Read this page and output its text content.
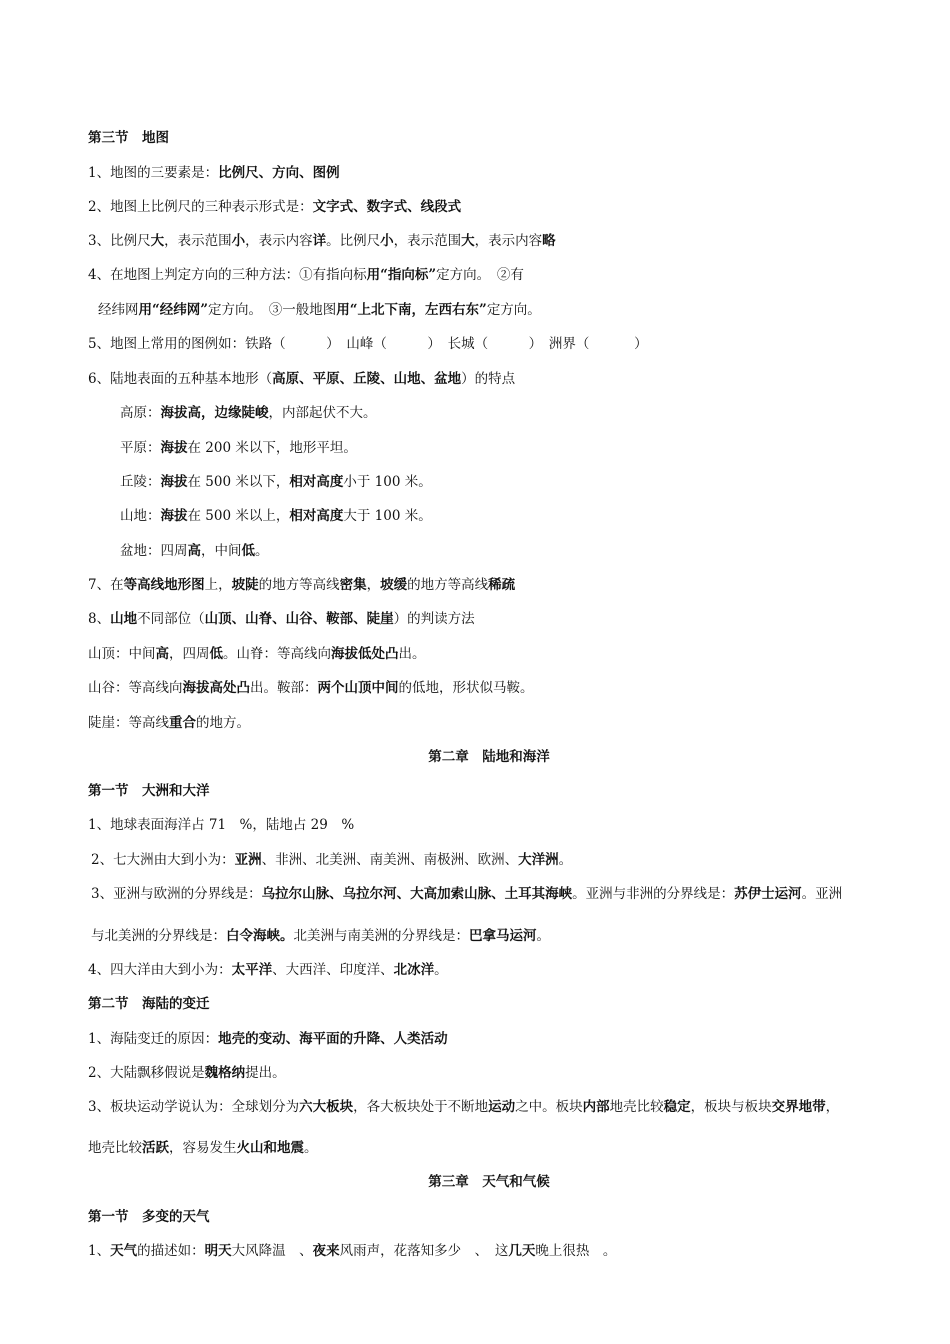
第三节　地图
1、地图的三要素是：比例尺、方向、图例
2、地图上比例尺的三种表示形式是：文字式、数字式、线段式
3、比例尺大，表示范围小，表示内容详。比例尺小，表示范围大，表示内容略
4、在地图上判定方向的三种方法：①有指向标用“指向标”定方向。　②有
经纬网用“经纬网”定方向。　③一般地图用“上北下南，左西右东”定方向。
5、地图上常用的图例如：铁路（　　　）　山峰（　　　）　长城（　　　）　洲界（　　　 ）
6、陆地表面的五种基本地形（高原、平原、丘陵、山地、盆地）的特点
高原：海拔高，边缘陡峻，内部起伏不大。
平原：海拔在 200 米以下，地形平坦。
丘陵：海拔在 500 米以下，相对高度小于 100 米。
山地：海拔在 500 米以上，相对高度大于 100 米。
盆地：四周高，中间低。
7、在等高线地形图上，坡陡的地方等高线密集，坡缓的地方等高线稀疏
8、山地不同部位（山顶、山脊、山谷、鞍部、陡崖）的判读方法
山顶：中间高，四周低。山脊：等高线向海拔低处凸出。
山谷：等高线向海拔高处凸出。鞍部：两个山顶中间的低地，形状似马鞍。
陡崖：等高线重合的地方。
第二章　陆地和海洋
第一节　大洲和大洋
1、地球表面海洋占 71　%，陆地占 29　%
2、七大洲由大到小为：亚洲、非洲、北美洲、南美洲、南极洲、欧洲、大洋洲。
3、亚洲与欧洲的分界线是：乌拉尔山脉、乌拉尔河、大高加索山脉、土耳其海峡。亚洲与非洲的分界线是：苏伊士运河。亚洲
与北美洲的分界线是：白令海峡。北美洲与南美洲的分界线是：巴拿马运河。
4、四大洋由大到小为：太平洋、大西洋、印度洋、北冰洋。
第二节　海陆的变迁
1、海陆变迁的原因：地壳的变动、海平面的升降、人类活动
2、大陆飘移假说是魏格纳提出。
3、板块运动学说认为：全球划分为六大板块，各大板块处于不断地运动之中。板块内部地壳比较稳定，板块与板块交界地带，
地壳比较活跃，容易发生火山和地震。
第三章　天气和气候
第一节　多变的天气
1、天气的描述如：明天大风降温　、夜来风雨声，花落知多少　、　这几天晚上很热　。
